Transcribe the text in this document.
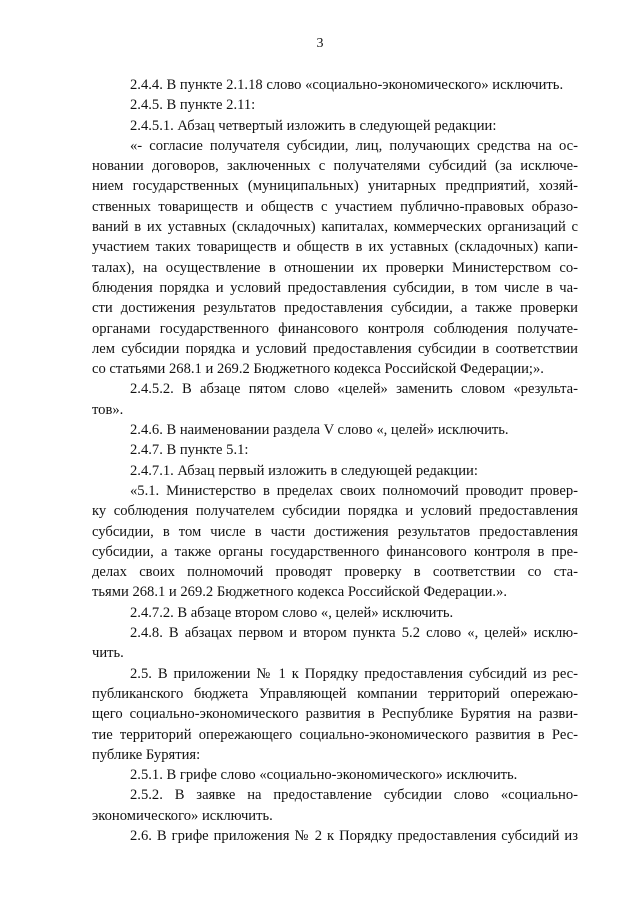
3
2.4.4. В пункте 2.1.18 слово «социально-экономического» исключить.
2.4.5. В пункте 2.11:
2.4.5.1. Абзац четвертый изложить в следующей редакции:
«- согласие получателя субсидии, лиц, получающих средства на ос-
новании договоров, заключенных с получателями субсидий (за исключе-
нием государственных (муниципальных) унитарных предприятий, хозяй-
ственных товариществ и обществ с участием публично-правовых образо-
ваний в их уставных (складочных) капиталах, коммерческих организаций с
участием таких товариществ и обществ в их уставных (складочных) капи-
талах), на осуществление в отношении их проверки Министерством со-
блюдения порядка и условий предоставления субсидии, в том числе в ча-
сти достижения результатов предоставления субсидии, а также проверки
органами государственного финансового контроля соблюдения получате-
лем субсидии порядка и условий предоставления субсидии в соответствии
со статьями 268.1 и 269.2 Бюджетного кодекса Российской Федерации;».
2.4.5.2. В абзаце пятом слово «целей» заменить словом «результа-
тов».
2.4.6. В наименовании раздела V слово «, целей» исключить.
2.4.7. В пункте 5.1:
2.4.7.1. Абзац первый изложить в следующей редакции:
«5.1. Министерство в пределах своих полномочий проводит провер-
ку соблюдения получателем субсидии порядка и условий предоставления
субсидии, в том числе в части достижения результатов предоставления
субсидии, а также органы государственного финансового контроля в пре-
делах своих полномочий проводят проверку в соответствии со ста-
тьями 268.1 и 269.2 Бюджетного кодекса Российской Федерации.».
2.4.7.2. В абзаце втором слово «, целей» исключить.
2.4.8. В абзацах первом и втором пункта 5.2 слово «, целей» исклю-
чить.
2.5. В приложении № 1 к Порядку предоставления субсидий из рес-
публиканского бюджета Управляющей компании территорий опережаю-
щего социально-экономического развития в Республике Бурятия на разви-
тие территорий опережающего социально-экономического развития в Рес-
публике Бурятия:
2.5.1. В грифе слово «социально-экономического» исключить.
2.5.2. В заявке на предоставление субсидии слово «социально-
экономического» исключить.
2.6. В грифе приложения № 2 к Порядку предоставления субсидий из
